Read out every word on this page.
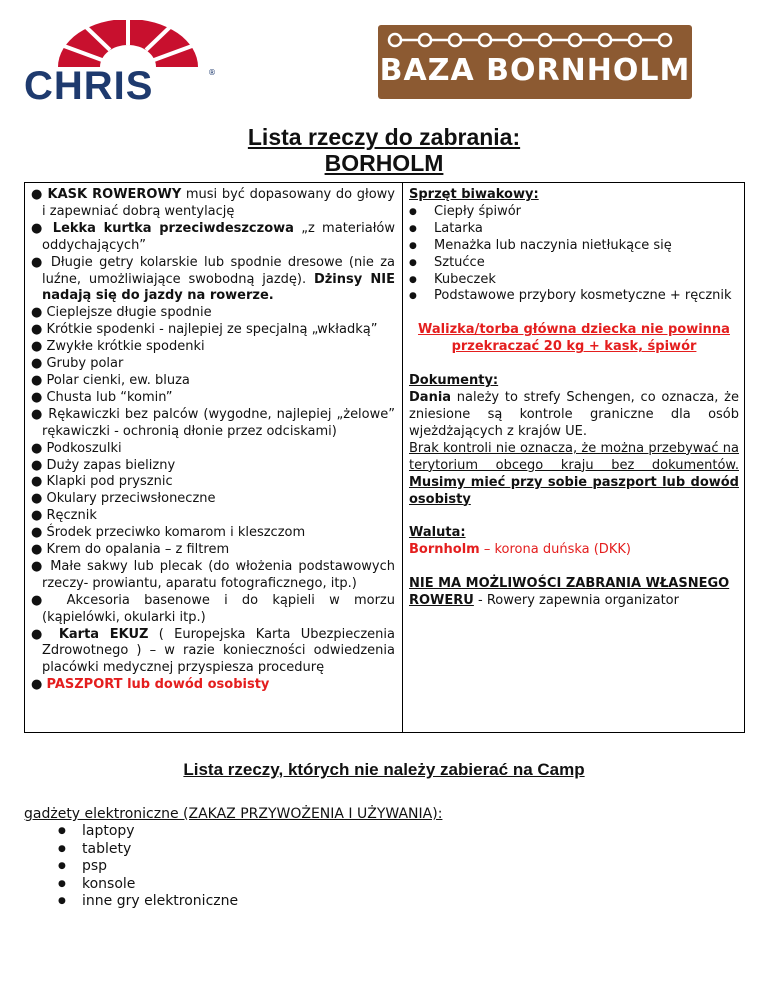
CHRIS	®	BAZA BORNHOLM
Lista rzeczy do zabrania:
BORHOLM
● KASK ROWEROWY musi być dopasowany do głowy i zapewniać dobrą wentylację
● Lekka kurtka przeciwdeszczowa „z materiałów oddychających”
● Długie getry kolarskie lub spodnie dresowe (nie za luźne, umożliwiające swobodną jazdę). Dżinsy NIE nadają się do jazdy na rowerze.
● Cieplejsze długie spodnie
● Krótkie spodenki - najlepiej ze specjalną „wkładką”
● Zwykłe krótkie spodenki
● Gruby polar
● Polar cienki, ew. bluza
● Chusta lub “komin”
● Rękawiczki bez palców (wygodne, najlepiej „żelowe” rękawiczki - ochronią dłonie przez odciskami)
● Podkoszulki
● Duży zapas bielizny
● Klapki pod prysznic
● Okulary przeciwsłoneczne
● Ręcznik
● Środek przeciwko komarom i kleszczom
● Krem do opalania – z filtrem
● Małe sakwy lub plecak (do włożenia podstawowych rzeczy- prowiantu, aparatu fotograficznego, itp.)
● Akcesoria basenowe i do kąpieli w morzu (kąpielówki, okularki itp.)
● Karta EKUZ ( Europejska Karta Ubezpieczenia Zdrowotnego ) – w razie konieczności odwiedzenia placówki medycznej przyspiesza procedurę
● PASZPORT lub dowód osobisty
Sprzęt biwakowy:
● Ciepły śpiwór
● Latarka
● Menażka lub naczynia nietłukące się
● Sztućce
● Kubeczek
● Podstawowe przybory kosmetyczne + ręcznik
Walizka/torba główna dziecka nie powinna przekraczać 20 kg + kask, śpiwór
Dokumenty:
Dania należy to strefy Schengen, co oznacza, że zniesione są kontrole graniczne dla osób wjeżdżających z krajów UE.
Brak kontroli nie oznacza, że można przebywać na terytorium obcego kraju bez dokumentów. Musimy mieć przy sobie paszport lub dowód osobisty
Waluta:
Bornholm – korona duńska (DKK)
NIE MA MOŻLIWOŚCI ZABRANIA WŁASNEGO
ROWERU - Rowery zapewnia organizator
Lista rzeczy, których nie należy zabierać na Camp
gadżety elektroniczne (ZAKAZ PRZYWOŻENIA I UŻYWANIA):
● laptopy
● tablety
● psp
● konsole
● inne gry elektroniczne
